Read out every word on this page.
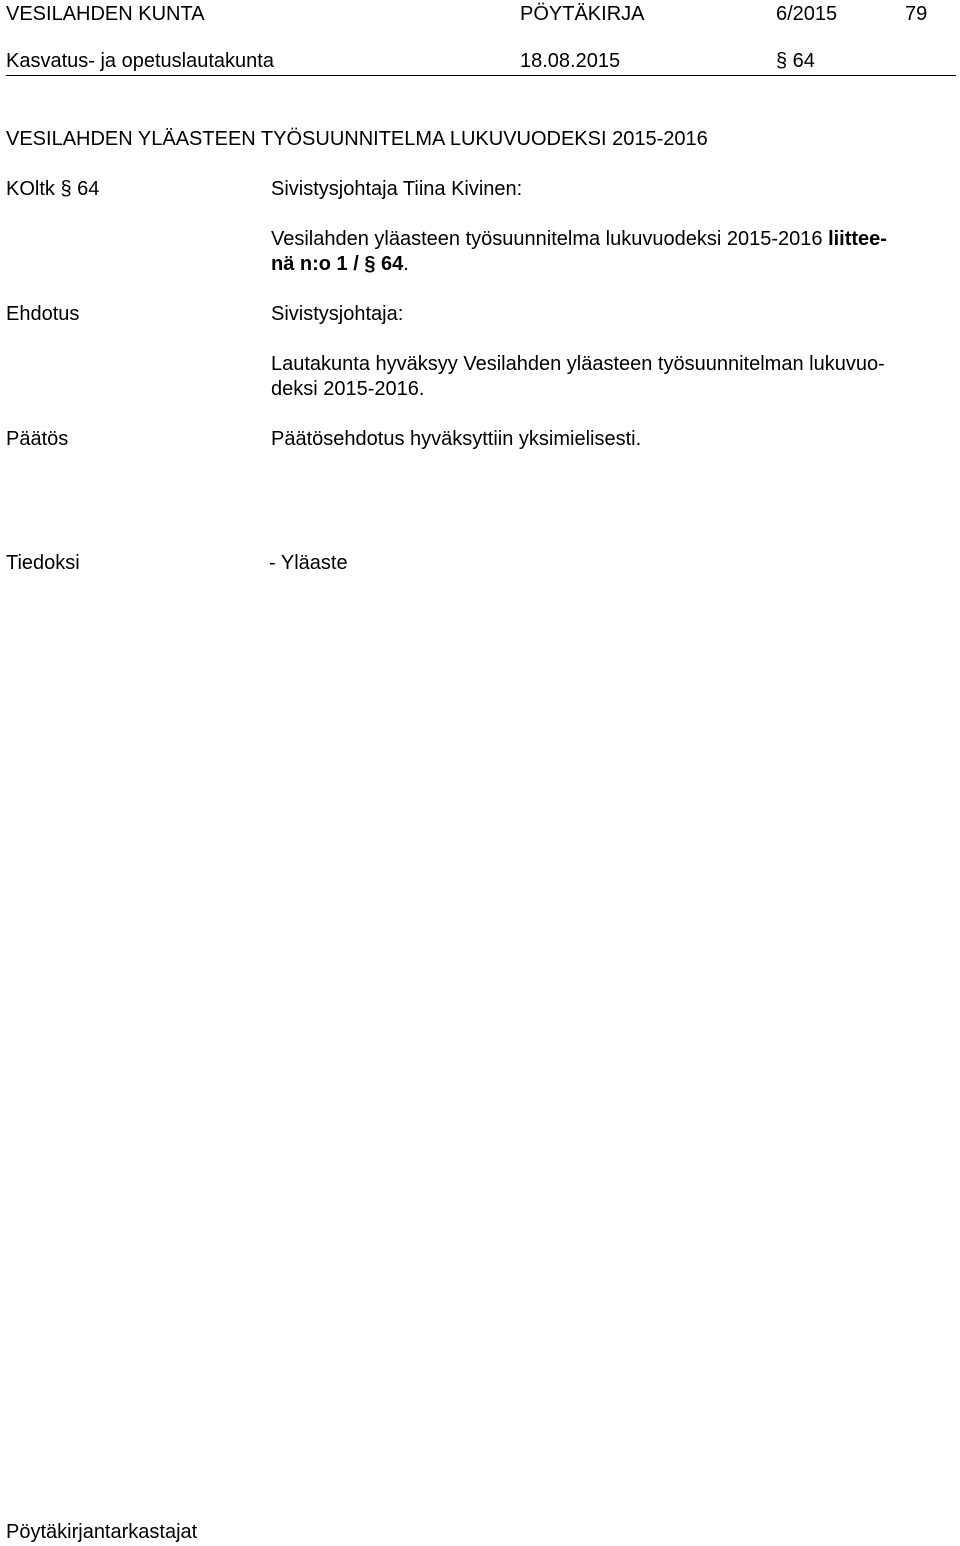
VESILAHDEN KUNTA	PÖYTÄKIRJA	6/2015	79
Kasvatus- ja opetuslautakunta	18.08.2015	§ 64
VESILAHDEN YLÄASTEEN TYÖSUUNNITELMA LUKUVUODEKSI 2015-2016
KOltk § 64	Sivistysjohtaja Tiina Kivinen:
Vesilahden yläasteen työsuunnitelma lukuvuodeksi 2015-2016 liittee-
nä n:o 1 / § 64.
Ehdotus	Sivistysjohtaja:
Lautakunta hyväksyy Vesilahden yläasteen työsuunnitelman lukuvuo-
deksi 2015-2016.
Päätös	Päätösehdotus hyväksyttiin yksimielisesti.
Tiedoksi	- Yläaste
Pöytäkirjantarkastajat
